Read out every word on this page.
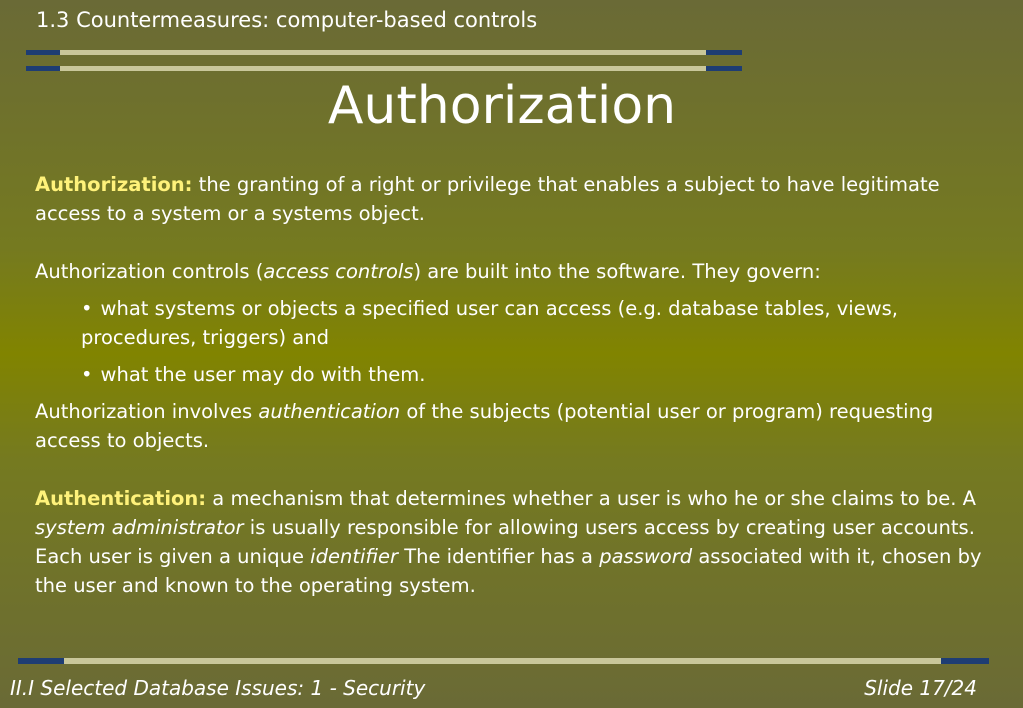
1.3 Countermeasures: computer-based controls
Authorization

Authorization: the granting of a right or privilege that enables a subject to have legitimate access to a system or a systems object.

Authorization controls (access controls) are built into the software. They govern:

• what systems or objects a specified user can access (e.g. database tables, views, procedures, triggers) and
• what the user may do with them.

Authorization involves authentication of the subjects (potential user or program) requesting access to objects.

Authentication: a mechanism that determines whether a user is who he or she claims to be. A system administrator is usually responsible for allowing users access by creating user accounts. Each user is given a unique identifier The identifier has a password associated with it, chosen by the user and known to the operating system.

II.I Selected Database Issues: 1 - Security	Slide 17/24
